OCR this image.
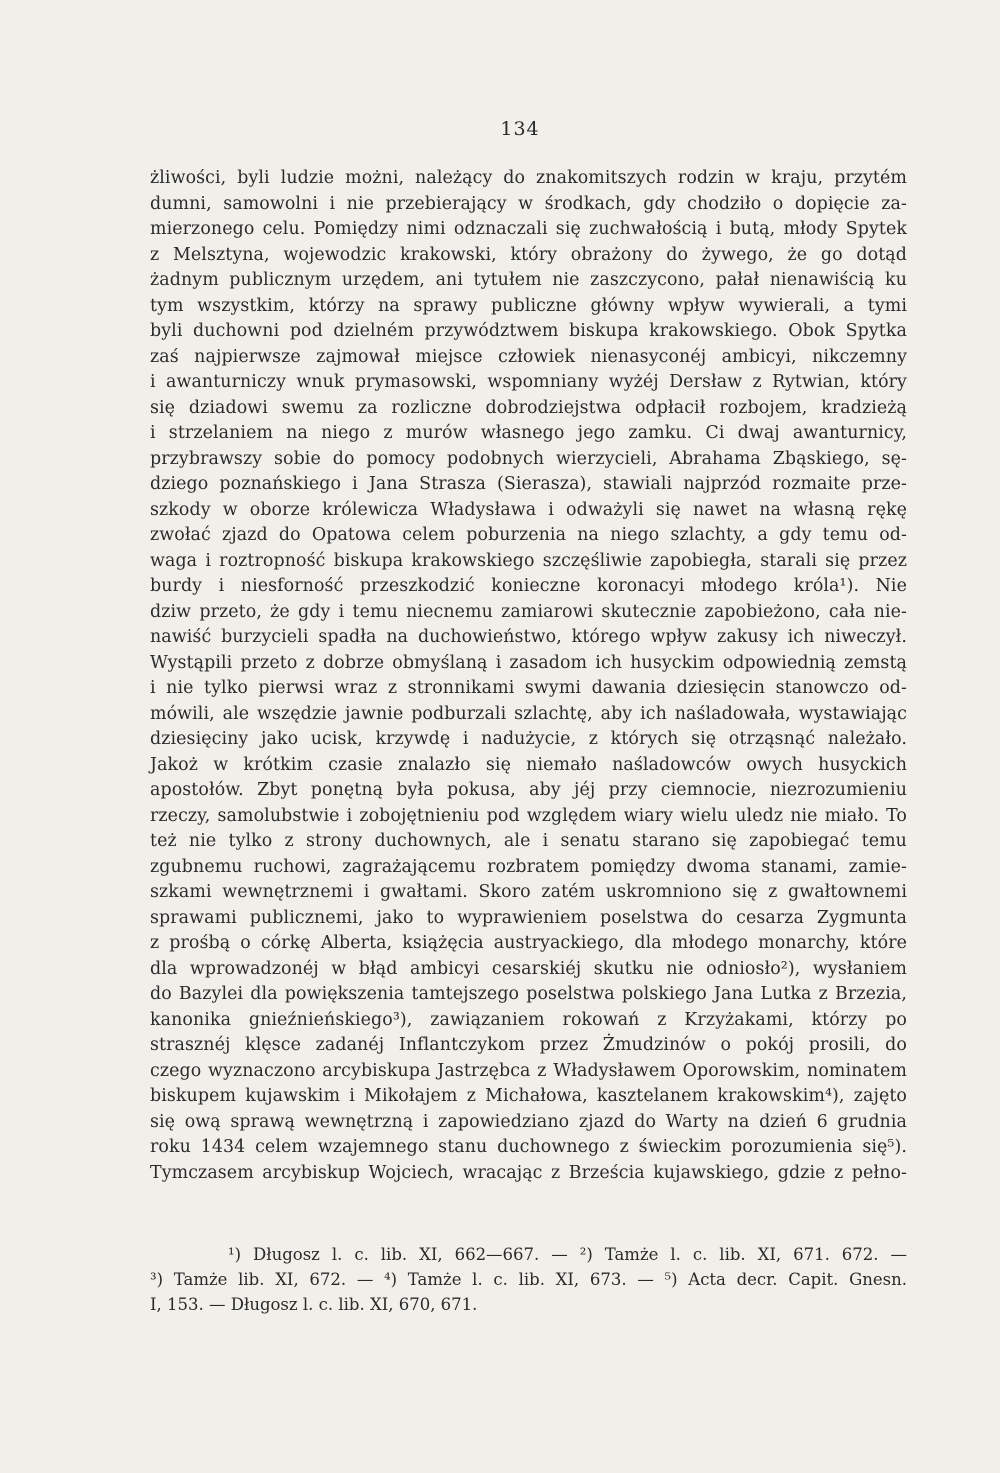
134
żliwości, byli ludzie możni, należący do znakomitszych rodzin w kraju, przytém
dumni, samowolni i nie przebierający w środkach, gdy chodziło o dopięcie za-
mierzonego celu. Pomiędzy nimi odznaczali się zuchwałością i butą, młody Spytek
z Melsztyna, wojewodzic krakowski, który obrażony do żywego, że go dotąd
żadnym publicznym urzędem, ani tytułem nie zaszczycono, pałał nienawiścią ku
tym wszystkim, którzy na sprawy publiczne główny wpływ wywierali, a tymi
byli duchowni pod dzielném przywództwem biskupa krakowskiego. Obok Spytka
zaś najpierwsze zajmował miejsce człowiek nienasyconéj ambicyi, nikczemny
i awanturniczy wnuk prymasowski, wspomniany wyżéj Dersław z Rytwian, który
się dziadowi swemu za rozliczne dobrodziejstwa odpłacił rozbojem, kradzieżą
i strzelaniem na niego z murów własnego jego zamku. Ci dwaj awanturnicy,
przybrawszy sobie do pomocy podobnych wierzycieli, Abrahama Zbąskiego, sę-
dziego poznańskiego i Jana Strasza (Sierasza), stawiali najprzód rozmaite prze-
szkody w oborze królewicza Władysława i odważyli się nawet na własną rękę
zwołać zjazd do Opatowa celem poburzenia na niego szlachty, a gdy temu od-
waga i roztropność biskupa krakowskiego szczęśliwie zapobiegła, starali się przez
burdy i niesforność przeszkodzić konieczne koronacyi młodego króla¹). Nie
dziw przeto, że gdy i temu niecnemu zamiarowi skutecznie zapobieżono, cała nie-
nawiść burzycieli spadła na duchowieństwo, którego wpływ zakusy ich niweczył.
Wystąpili przeto z dobrze obmyślaną i zasadom ich husyckim odpowiednią zemstą
i nie tylko pierwsi wraz z stronnikami swymi dawania dziesięcin stanowczo od-
mówili, ale wszędzie jawnie podburzali szlachtę, aby ich naśladowała, wystawiając
dziesięciny jako ucisk, krzywdę i nadużycie, z których się otrząsnąć należało.
Jakoż w krótkim czasie znalazło się niemało naśladowców owych husyckich
apostołów. Zbyt ponętną była pokusa, aby jéj przy ciemnocie, niezrozumieniu
rzeczy, samolubstwie i zobojętnieniu pod względem wiary wielu uledz nie miało. To
też nie tylko z strony duchownych, ale i senatu starano się zapobiegać temu
zgubnemu ruchowi, zagrażającemu rozbratem pomiędzy dwoma stanami, zamie-
szkami wewnętrznemi i gwałtami. Skoro zatém uskromniono się z gwałtownemi
sprawami publicznemi, jako to wyprawieniem poselstwa do cesarza Zygmunta
z prośbą o córkę Alberta, książęcia austryackiego, dla młodego monarchy, które
dla wprowadzonéj w błąd ambicyi cesarskiéj skutku nie odniosło²), wysłaniem
do Bazylei dla powiększenia tamtejszego poselstwa polskiego Jana Lutka z Brzezia,
kanonika gnieźnieńskiego³), zawiązaniem rokowań z Krzyżakami, którzy po
strasznéj klęsce zadanéj Inflantczykom przez Żmudzinów o pokój prosili, do
czego wyznaczono arcybiskupa Jastrzębca z Władysławem Oporowskim, nominatem
biskupem kujawskim i Mikołajem z Michałowa, kasztelanem krakowskim⁴), zajęto
się ową sprawą wewnętrzną i zapowiedziano zjazd do Warty na dzień 6 grudnia
roku 1434 celem wzajemnego stanu duchownego z świeckim porozumienia się⁵).
Tymczasem arcybiskup Wojciech, wracając z Brześcia kujawskiego, gdzie z pełno-
¹) Długosz l. c. lib. XI, 662—667. — ²) Tamże l. c. lib. XI, 671. 672. —
³) Tamże lib. XI, 672. — ⁴) Tamże l. c. lib. XI, 673. — ⁵) Acta decr. Capit. Gnesn.
I, 153. — Długosz l. c. lib. XI, 670, 671.
